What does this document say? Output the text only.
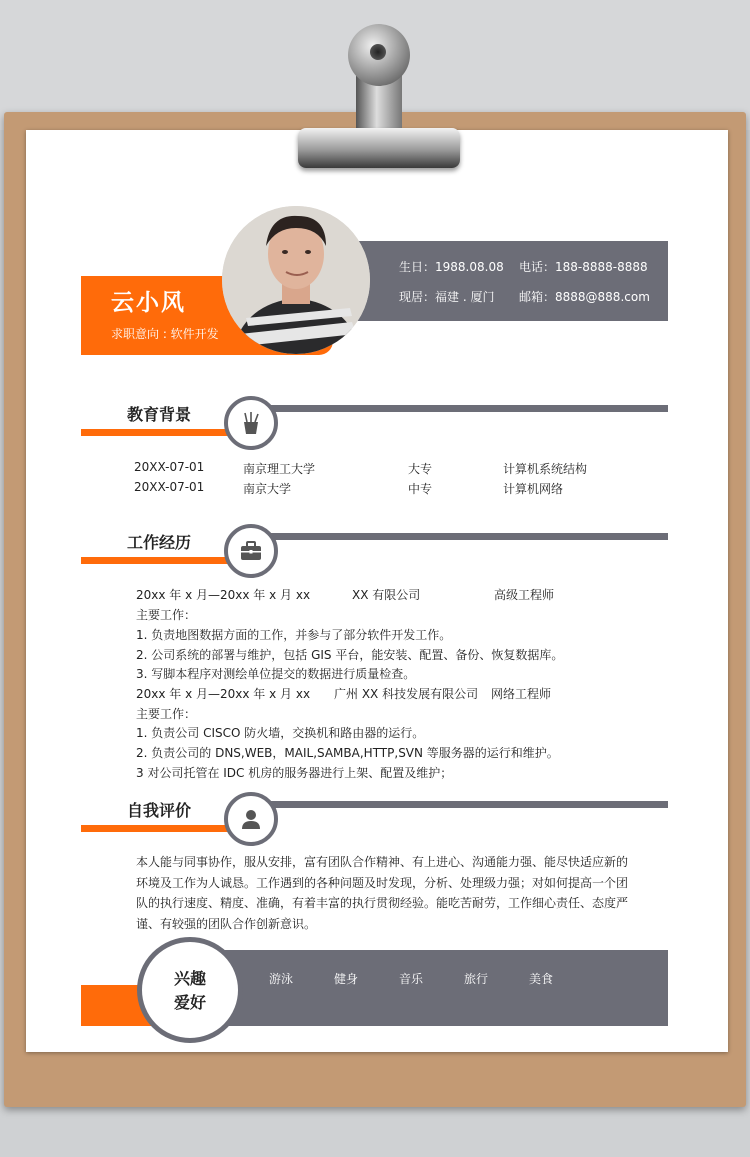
云小风
求职意向 : 软件开发
生日：1988.08.08 电话：188-8888-8888
现居：福建 . 厦门 邮箱：8888@888.com
教育背景
20XX-07-01	南京理工大学	大专	计算机系统结构
20XX-07-01	南京大学	中专	计算机网络
工作经历
20xx 年 x 月—20xx 年 x 月 xx	XX 有限公司	高级工程师
主要工作：
1. 负责地图数据方面的工作，并参与了部分软件开发工作。
2. 公司系统的部署与维护，包括 GIS 平台，能安装、配置、备份、恢复数据库。
3. 写脚本程序对测绘单位提交的数据进行质量检查。
20xx 年 x 月—20xx 年 x 月 xx 广州 XX 科技发展有限公司 网络工程师
主要工作：
1. 负责公司 CISCO 防火墙，交换机和路由器的运行。
2. 负责公司的 DNS,WEB，MAIL,SAMBA,HTTP,SVN 等服务器的运行和维护。
3 对公司托管在 IDC 机房的服务器进行上架、配置及维护；
自我评价
本人能与同事协作，服从安排，富有团队合作精神、有上进心、沟通能力强、能尽快适应新的环境及工作为人诚恳。工作遇到的各种问题及时发现，分析、处理级力强；对如何提高一个团队的执行速度、精度、准确，有着丰富的执行贯彻经验。能吃苦耐劳，工作细心责任、态度严谨、有较强的团队合作创新意识。
兴趣
爱好
游泳	健身	音乐	旅行	美食
